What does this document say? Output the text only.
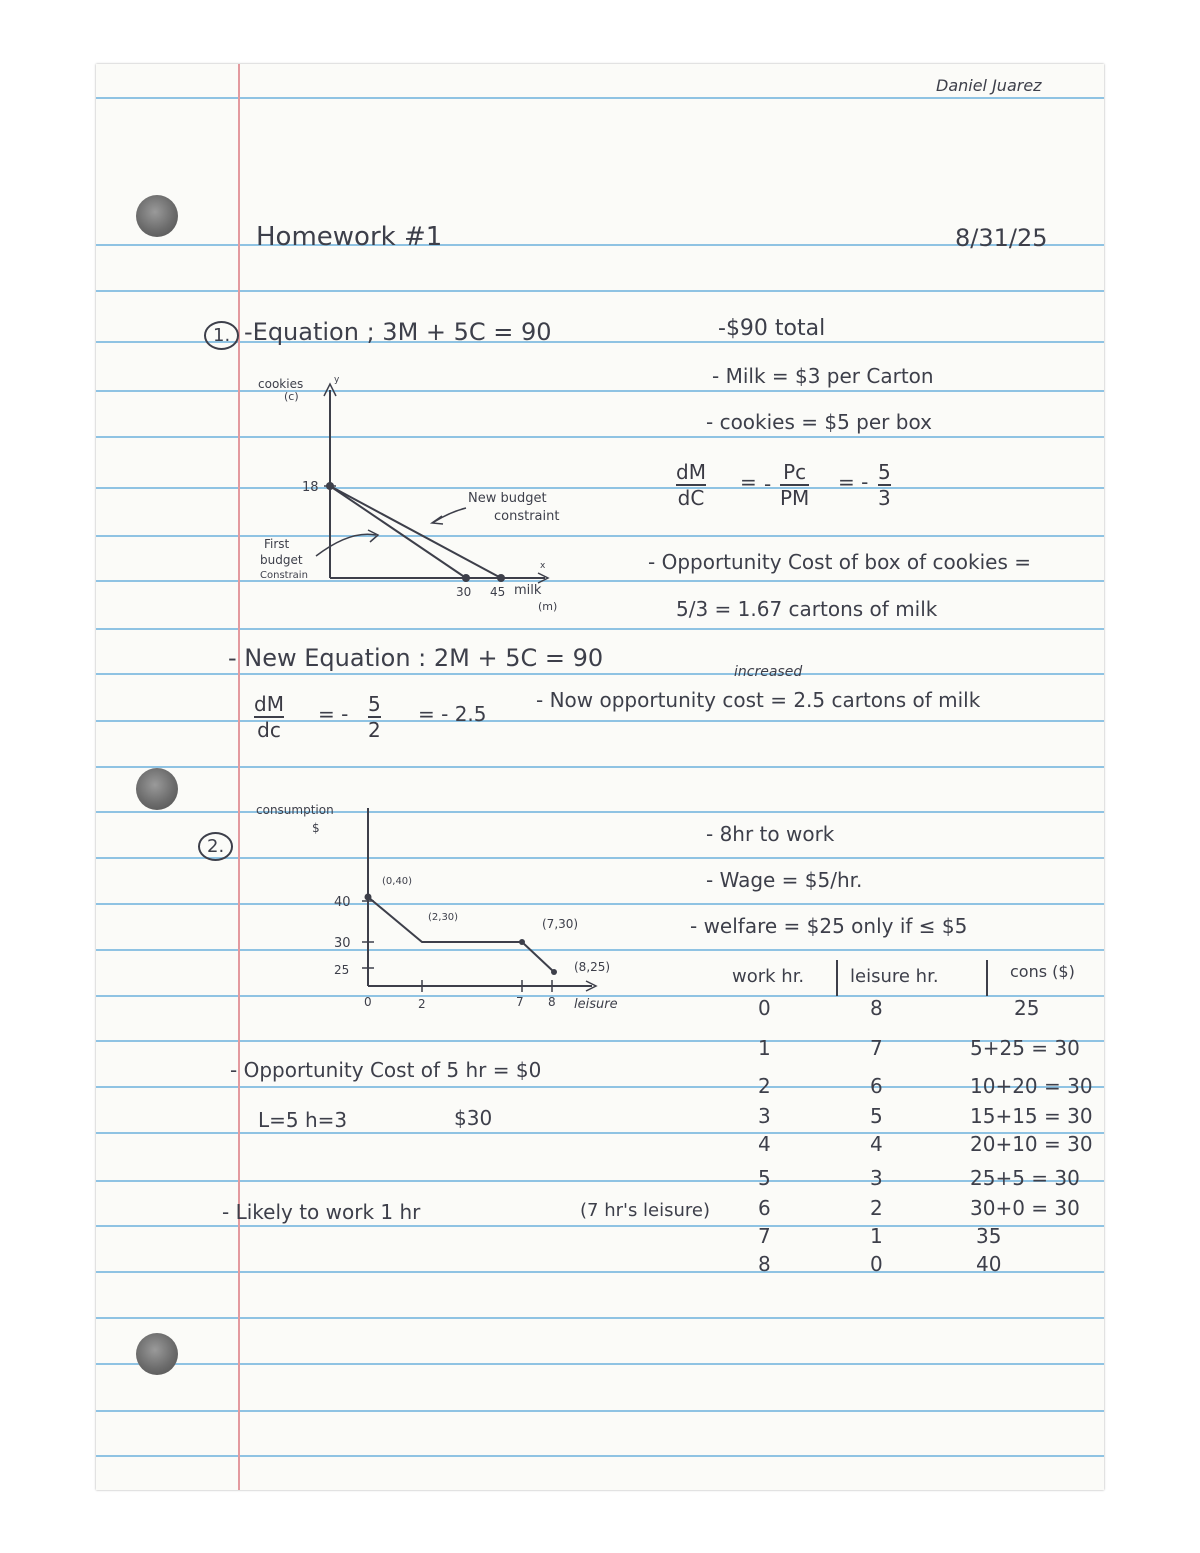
Daniel Juarez
Homework #1	8/31/25
1. -Equation ; 3M + 5C = 90	-$90 total
- Milk = $3 per Carton
- cookies = $5 per box
dM
dC
= - Pc
PM
= - 5
3
- Opportunity Cost of box of cookies =
5/3 = 1.67 cartons of milk
cookies
(c)
y
x
18
30 45 milk
(m)
New budget
constraint
First
budget
Constrain
- New Equation : 2M + 5C = 90	increased
dM
dc
= - 5
2
= - 2.5
- Now opportunity cost = 2.5 cartons of milk
2.
consumption
$
40
30
25
0	2	7 8 leisure
(0,40)
(2,30)	(7,30)
(8,25)
- 8hr to work
- Wage = $5/hr.
- welfare = $25 only if ≤ $5
work hr.	leisure hr.	cons ($)
0	8	25
1	7	5+25 = 30
2	6	10+20 = 30
3	5	15+15 = 30
4	4	20+10 = 30
5	3	25+5 = 30
6	2	30+0 = 30
7	1	35
8	0	40
- Opportunity Cost of 5 hr = $0
L=5 h=3	$30
- Likely to work 1 hr	(7 hr's leisure)
